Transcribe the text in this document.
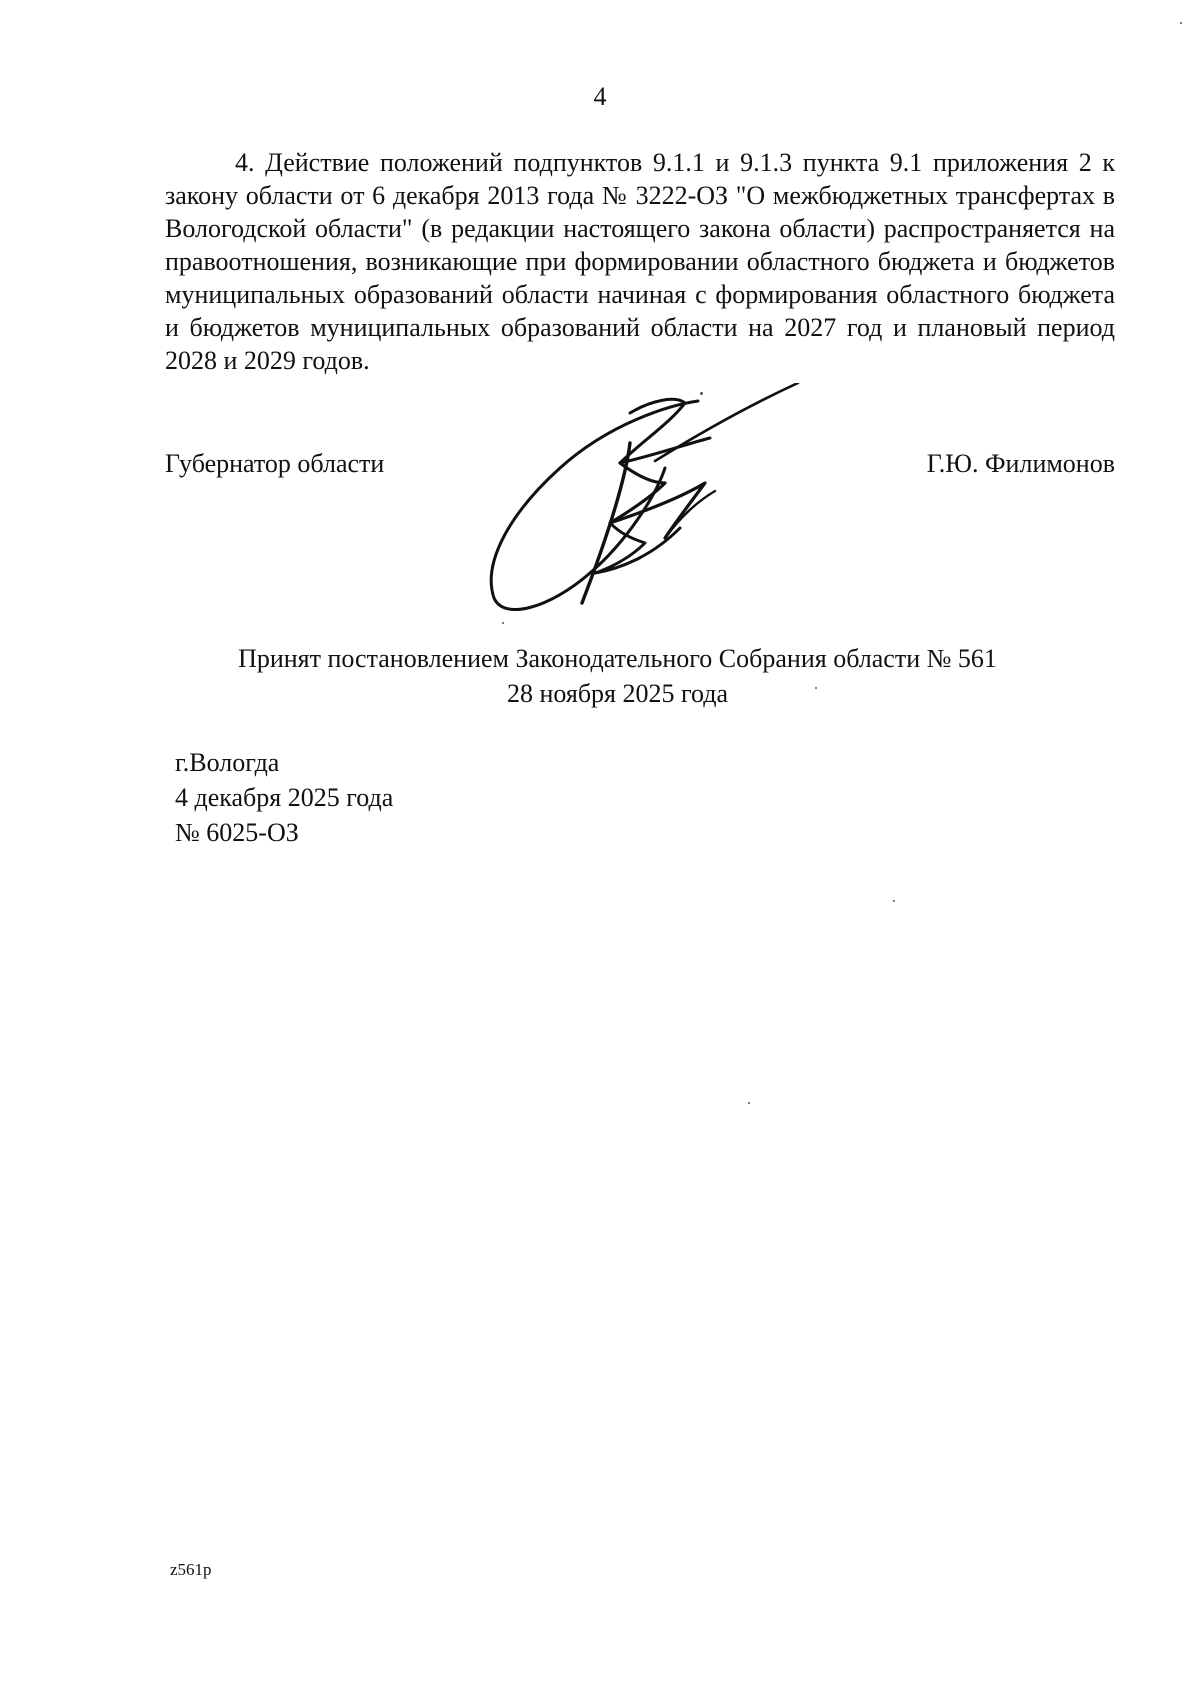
4

4. Действие положений подпунктов 9.1.1 и 9.1.3 пункта 9.1 приложения 2 к закону области от 6 декабря 2013 года № 3222-ОЗ "О межбюджетных трансфертах в Вологодской области" (в редакции настоящего закона области) распространяется на правоотношения, возникающие при формировании областного бюджета и бюджетов муниципальных образований области начиная с формирования областного бюджета и бюджетов муниципальных образований области на 2027 год и плановый период 2028 и 2029 годов.

Губернатор области	Г.Ю. Филимонов
Принят постановлением Законодательного Собрания области № 561
28 ноября 2025 года
г.Вологда
4 декабря 2025 года
№ 6025-ОЗ
z561p
